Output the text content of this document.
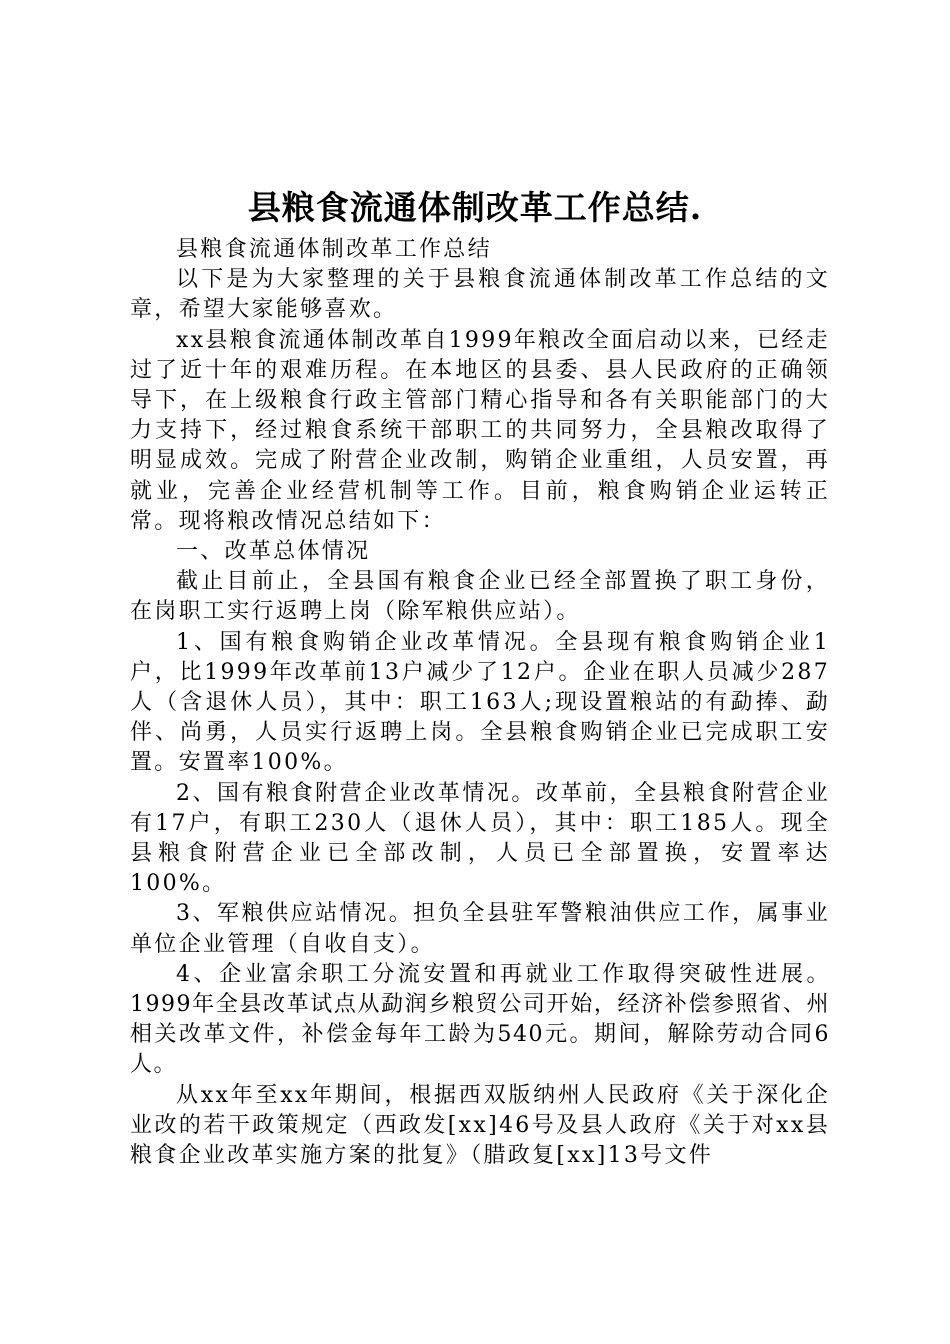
县粮食流通体制改革工作总结.

县粮食流通体制改革工作总结

以下是为大家整理的关于县粮食流通体制改革工作总结的文章，希望大家能够喜欢。

xx县粮食流通体制改革自1999年粮改全面启动以来，已经走过了近十年的艰难历程。在本地区的县委、县人民政府的正确领导下，在上级粮食行政主管部门精心指导和各有关职能部门的大力支持下，经过粮食系统干部职工的共同努力，全县粮改取得了明显成效。完成了附营企业改制，购销企业重组，人员安置，再就业，完善企业经营机制等工作。目前，粮食购销企业运转正常。现将粮改情况总结如下：

一、改革总体情况

截止目前止，全县国有粮食企业已经全部置换了职工身份，在岗职工实行返聘上岗（除军粮供应站）。

1、国有粮食购销企业改革情况。全县现有粮食购销企业1户，比1999年改革前13户减少了12户。企业在职人员减少287人（含退休人员），其中：职工163人;现设置粮站的有勐捧、勐伴、尚勇，人员实行返聘上岗。全县粮食购销企业已完成职工安置。安置率100%。

2、国有粮食附营企业改革情况。改革前，全县粮食附营企业有17户，有职工230人（退休人员），其中：职工185人。现全县粮食附营企业已全部改制，人员已全部置换，安置率达100%。

3、军粮供应站情况。担负全县驻军警粮油供应工作，属事业单位企业管理（自收自支）。

4、企业富余职工分流安置和再就业工作取得突破性进展。1999年全县改革试点从勐润乡粮贸公司开始，经济补偿参照省、州相关改革文件，补偿金每年工龄为540元。期间，解除劳动合同6人。

从xx年至xx年期间，根据西双版纳州人民政府《关于深化企业改的若干政策规定（西政发[xx]46号及县人政府《关于对xx县粮食企业改革实施方案的批复》（腊政复[xx]13号文件
